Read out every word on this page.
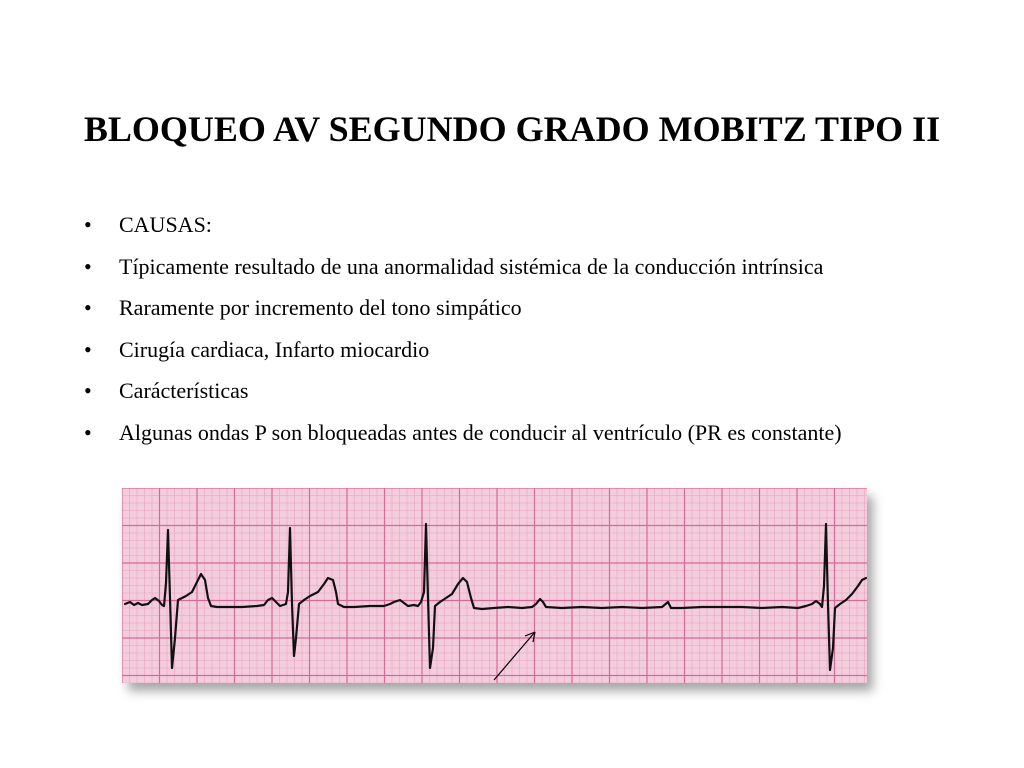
BLOQUEO AV SEGUNDO GRADO MOBITZ TIPO II
• CAUSAS:
• Típicamente resultado de una anormalidad sistémica de la conducción intrínsica
• Raramente por incremento del tono simpático
• Cirugía cardiaca, Infarto miocardio
• Carácterísticas
• Algunas ondas P son bloqueadas antes de conducir al ventrículo (PR es constante)
